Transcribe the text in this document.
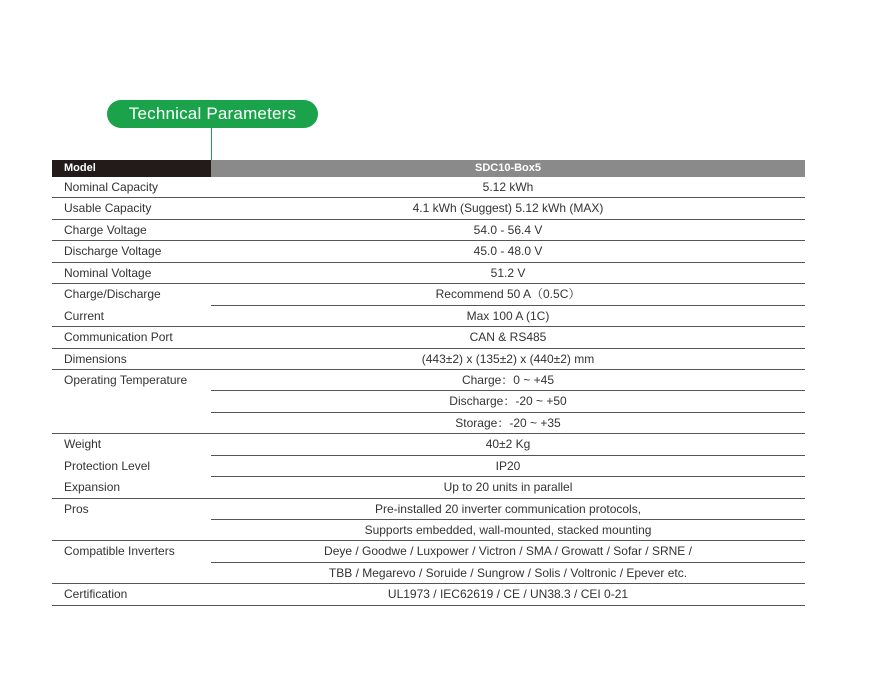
Technical Parameters
Model	SDC10-Box5
Nominal Capacity	5.12 kWh
Usable Capacity	4.1 kWh (Suggest) 5.12 kWh (MAX)
Charge Voltage	54.0 - 56.4 V
Discharge Voltage	45.0 - 48.0 V
Nominal Voltage	51.2 V
Charge/Discharge	Recommend 50 A（0.5C）
Current	Max 100 A (1C)
Communication Port	CAN & RS485
Dimensions	(443±2) x (135±2) x (440±2) mm
Operating Temperature	Charge：0 ~ +45
Discharge：-20 ~ +50
Storage：-20 ~ +35
Weight	40±2 Kg
Protection Level	IP20
Expansion	Up to 20 units in parallel
Pros	Pre-installed 20 inverter communication protocols,
Supports embedded, wall-mounted, stacked mounting
Compatible Inverters	Deye / Goodwe / Luxpower / Victron / SMA / Growatt / Sofar / SRNE /
TBB / Megarevo / Soruide / Sungrow / Solis / Voltronic / Epever etc.
Certification	UL1973 / IEC62619 / CE / UN38.3 / CEI 0-21
